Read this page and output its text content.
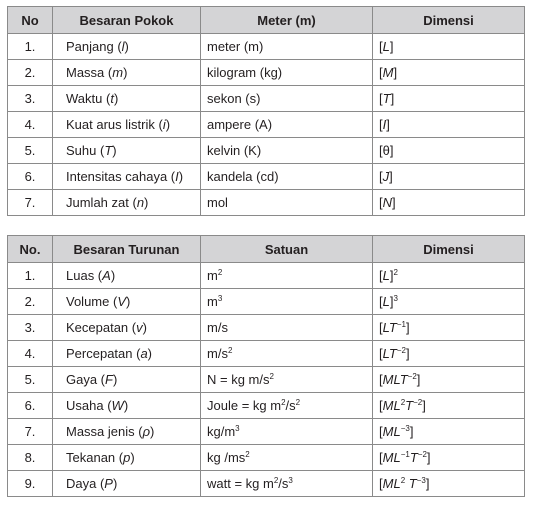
No	Besaran Pokok	Meter (m)	Dimensi
1.	Panjang (l)	meter (m)	[L]
2.	Massa (m)	kilogram (kg)	[M]
3.	Waktu (t)	sekon (s)	[T]
4.	Kuat arus listrik (i)	ampere (A)	[I]
5.	Suhu (T)	kelvin (K)	[θ]
6.	Intensitas cahaya (I)	kandela (cd)	[J]
7.	Jumlah zat (n)	mol	[N]
No.	Besaran Turunan	Satuan	Dimensi
1.	Luas (A)	$m^2$	$[L]^2$
2.	Volume (V)	$m^3$	$[L]^3$
3.	Kecepatan (v)	m/s	$[LT^{-1}]$
4.	Percepatan (a)	$m/s^2$	$[LT^{-2}]$
5.	Gaya (F)	N = kg $m/s^2$	$[MLT^{-2}]$
6.	Usaha (W)	Joule = kg $m^2/s^2$	$[ML^2T^{-2}]$
7.	Massa jenis (ρ)	$kg/m^3$	$[ML^{-3}]$
8.	Tekanan (p)	kg $/ms^2$	$[ML^{-1}T^{-2}]$
9.	Daya (P)	watt = kg $m^2/s^3$	[$ML^2$ $T^{-3}$]
